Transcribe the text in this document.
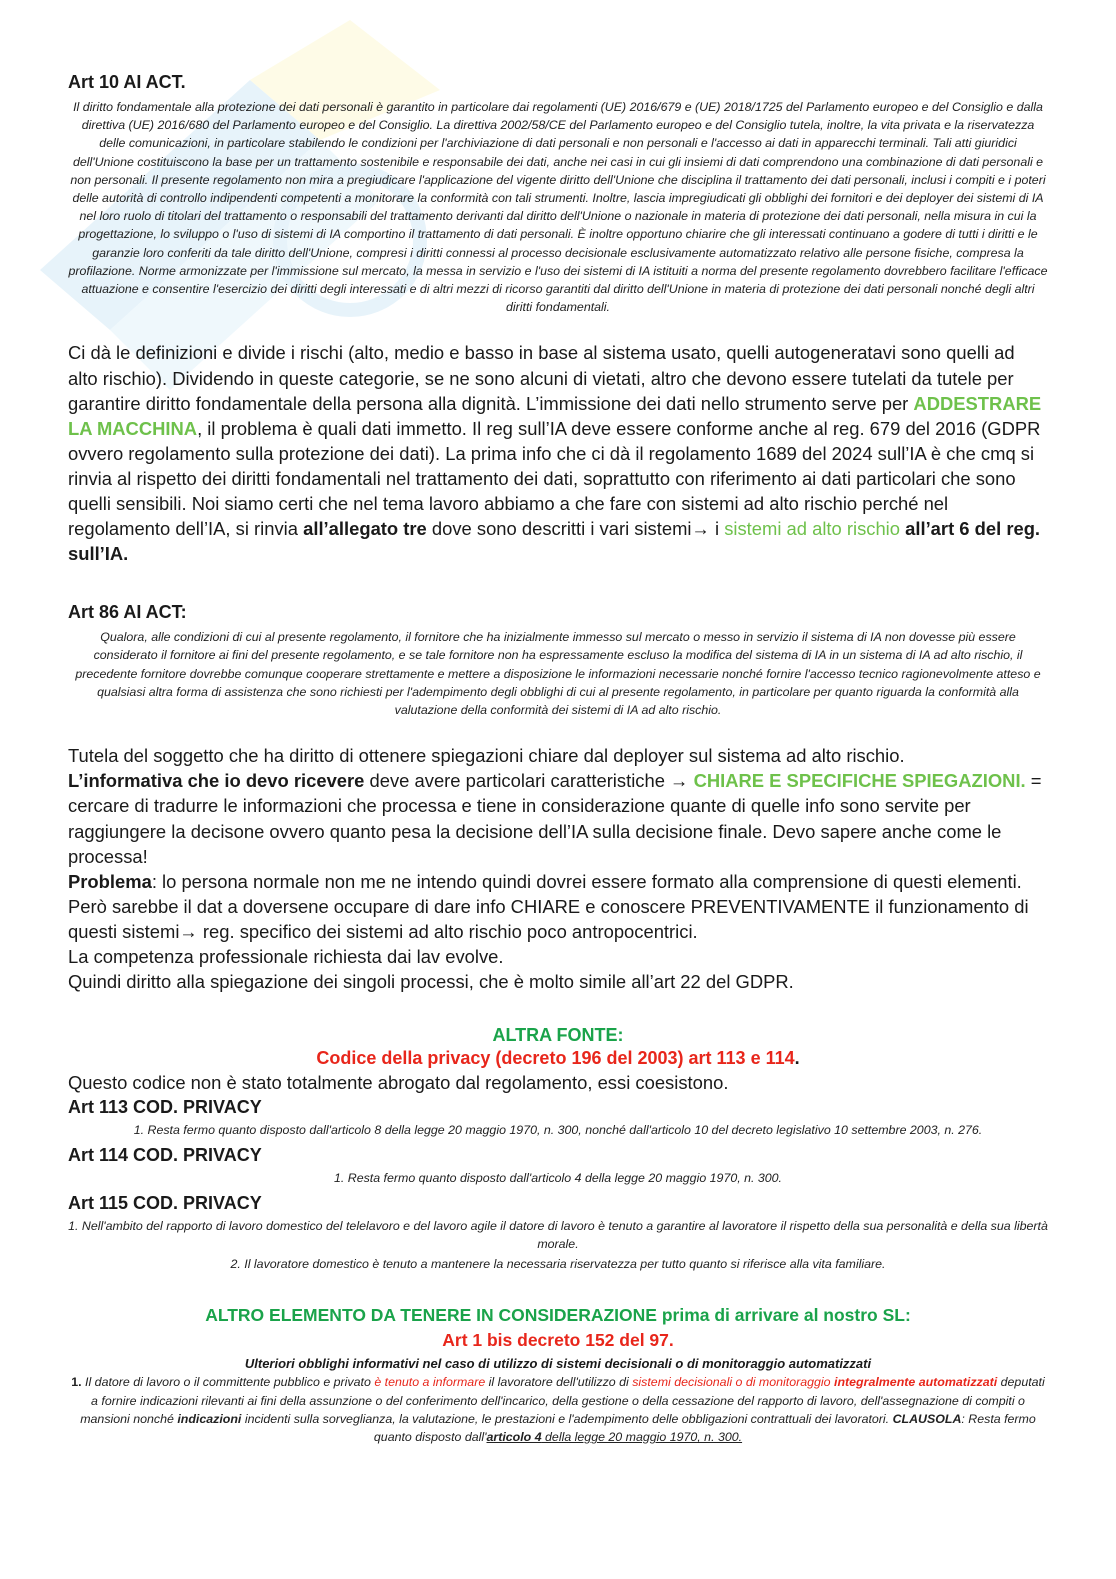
Art 10 AI ACT.

Il diritto fondamentale alla protezione dei dati personali è garantito in particolare dai regolamenti (UE) 2016/679 e (UE) 2018/1725 del Parlamento europeo e del Consiglio e dalla direttiva (UE) 2016/680 del Parlamento europeo e del Consiglio. La direttiva 2002/58/CE del Parlamento europeo e del Consiglio tutela, inoltre, la vita privata e la riservatezza delle comunicazioni, in particolare stabilendo le condizioni per l'archiviazione di dati personali e non personali e l'accesso ai dati in apparecchi terminali. Tali atti giuridici dell'Unione costituiscono la base per un trattamento sostenibile e responsabile dei dati, anche nei casi in cui gli insiemi di dati comprendono una combinazione di dati personali e non personali. Il presente regolamento non mira a pregiudicare l'applicazione del vigente diritto dell'Unione che disciplina il trattamento dei dati personali, inclusi i compiti e i poteri delle autorità di controllo indipendenti competenti a monitorare la conformità con tali strumenti. Inoltre, lascia impregiudicati gli obblighi dei fornitori e dei deployer dei sistemi di IA nel loro ruolo di titolari del trattamento o responsabili del trattamento derivanti dal diritto dell'Unione o nazionale in materia di protezione dei dati personali, nella misura in cui la progettazione, lo sviluppo o l'uso di sistemi di IA comportino il trattamento di dati personali. È inoltre opportuno chiarire che gli interessati continuano a godere di tutti i diritti e le garanzie loro conferiti da tale diritto dell'Unione, compresi i diritti connessi al processo decisionale esclusivamente automatizzato relativo alle persone fisiche, compresa la profilazione. Norme armonizzate per l'immissione sul mercato, la messa in servizio e l'uso dei sistemi di IA istituiti a norma del presente regolamento dovrebbero facilitare l'efficace attuazione e consentire l'esercizio dei diritti degli interessati e di altri mezzi di ricorso garantiti dal diritto dell'Unione in materia di protezione dei dati personali nonché degli altri diritti fondamentali.

Ci dà le definizioni e divide i rischi (alto, medio e basso in base al sistema usato, quelli autogeneratavi sono quelli ad alto rischio). Dividendo in queste categorie, se ne sono alcuni di vietati, altro che devono essere tutelati da tutele per garantire diritto fondamentale della persona alla dignità. L’immissione dei dati nello strumento serve per ADDESTRARE LA MACCHINA, il problema è quali dati immetto. Il reg sull’IA deve essere conforme anche al reg. 679 del 2016 (GDPR ovvero regolamento sulla protezione dei dati). La prima info che ci dà il regolamento 1689 del 2024 sull’IA è che cmq si rinvia al rispetto dei diritti fondamentali nel trattamento dei dati, soprattutto con riferimento ai dati particolari che sono quelli sensibili. Noi siamo certi che nel tema lavoro abbiamo a che fare con sistemi ad alto rischio perché nel regolamento dell’IA, si rinvia all’allegato tre dove sono descritti i vari sistemi→ i sistemi ad alto rischio all’art 6 del reg. sull’IA.

Art 86 AI ACT:

Qualora, alle condizioni di cui al presente regolamento, il fornitore che ha inizialmente immesso sul mercato o messo in servizio il sistema di IA non dovesse più essere considerato il fornitore ai fini del presente regolamento, e se tale fornitore non ha espressamente escluso la modifica del sistema di IA in un sistema di IA ad alto rischio, il precedente fornitore dovrebbe comunque cooperare strettamente e mettere a disposizione le informazioni necessarie nonché fornire l'accesso tecnico ragionevolmente atteso e qualsiasi altra forma di assistenza che sono richiesti per l'adempimento degli obblighi di cui al presente regolamento, in particolare per quanto riguarda la conformità alla valutazione della conformità dei sistemi di IA ad alto rischio.

Tutela del soggetto che ha diritto di ottenere spiegazioni chiare dal deployer sul sistema ad alto rischio.

L’informativa che io devo ricevere deve avere particolari caratteristiche → CHIARE E SPECIFICHE SPIEGAZIONI. = cercare di tradurre le informazioni che processa e tiene in considerazione quante di quelle info sono servite per raggiungere la decisone ovvero quanto pesa la decisione dell’IA sulla decisione finale. Devo sapere anche come le processa!

Problema: lo persona normale non me ne intendo quindi dovrei essere formato alla comprensione di questi elementi. Però sarebbe il dat a doversene occupare di dare info CHIARE e conoscere PREVENTIVAMENTE il funzionamento di questi sistemi→ reg. specifico dei sistemi ad alto rischio poco antropocentrici.

La competenza professionale richiesta dai lav evolve.

Quindi diritto alla spiegazione dei singoli processi, che è molto simile all’art 22 del GDPR.

ALTRA FONTE:

Codice della privacy (decreto 196 del 2003) art 113 e 114.

Questo codice non è stato totalmente abrogato dal regolamento, essi coesistono.

Art 113 COD. PRIVACY

1. Resta fermo quanto disposto dall'articolo 8 della legge 20 maggio 1970, n. 300, nonché dall'articolo 10 del decreto legislativo 10 settembre 2003, n. 276.

Art 114 COD. PRIVACY

1. Resta fermo quanto disposto dall'articolo 4 della legge 20 maggio 1970, n. 300.

Art 115 COD. PRIVACY

1. Nell'ambito del rapporto di lavoro domestico del telelavoro e del lavoro agile il datore di lavoro è tenuto a garantire al lavoratore il rispetto della sua personalità e della sua libertà morale.

2. Il lavoratore domestico è tenuto a mantenere la necessaria riservatezza per tutto quanto si riferisce alla vita familiare.

ALTRO ELEMENTO DA TENERE IN CONSIDERAZIONE prima di arrivare al nostro SL:

Art 1 bis decreto 152 del 97.

Ulteriori obblighi informativi nel caso di utilizzo di sistemi decisionali o di monitoraggio automatizzati

1. Il datore di lavoro o il committente pubblico e privato è tenuto a informare il lavoratore dell'utilizzo di sistemi decisionali o di monitoraggio integralmente automatizzati deputati a fornire indicazioni rilevanti ai fini della assunzione o del conferimento dell'incarico, della gestione o della cessazione del rapporto di lavoro, dell'assegnazione di compiti o mansioni nonché indicazioni incidenti sulla sorveglianza, la valutazione, le prestazioni e l'adempimento delle obbligazioni contrattuali dei lavoratori. CLAUSOLA: Resta fermo quanto disposto dall'articolo 4 della legge 20 maggio 1970, n. 300.
